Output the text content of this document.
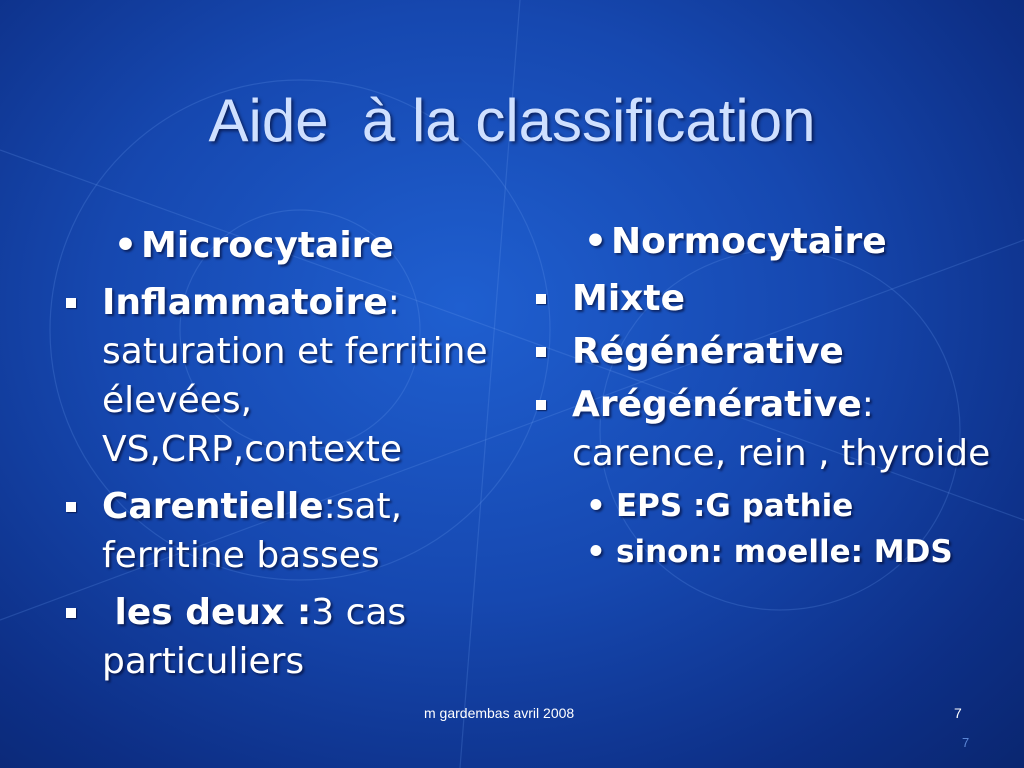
Aide  à la classification
• Microcytaire
Inflammatoire: saturation et ferritine élevées, VS,CRP,contexte
Carentielle:sat, ferritine basses
les deux :3 cas particuliers
• Normocytaire
Mixte
Régénérative
Arégénérative: carence, rein , thyroide
• EPS :G pathie
• sinon: moelle: MDS
m gardembas avril 2008	7
7
